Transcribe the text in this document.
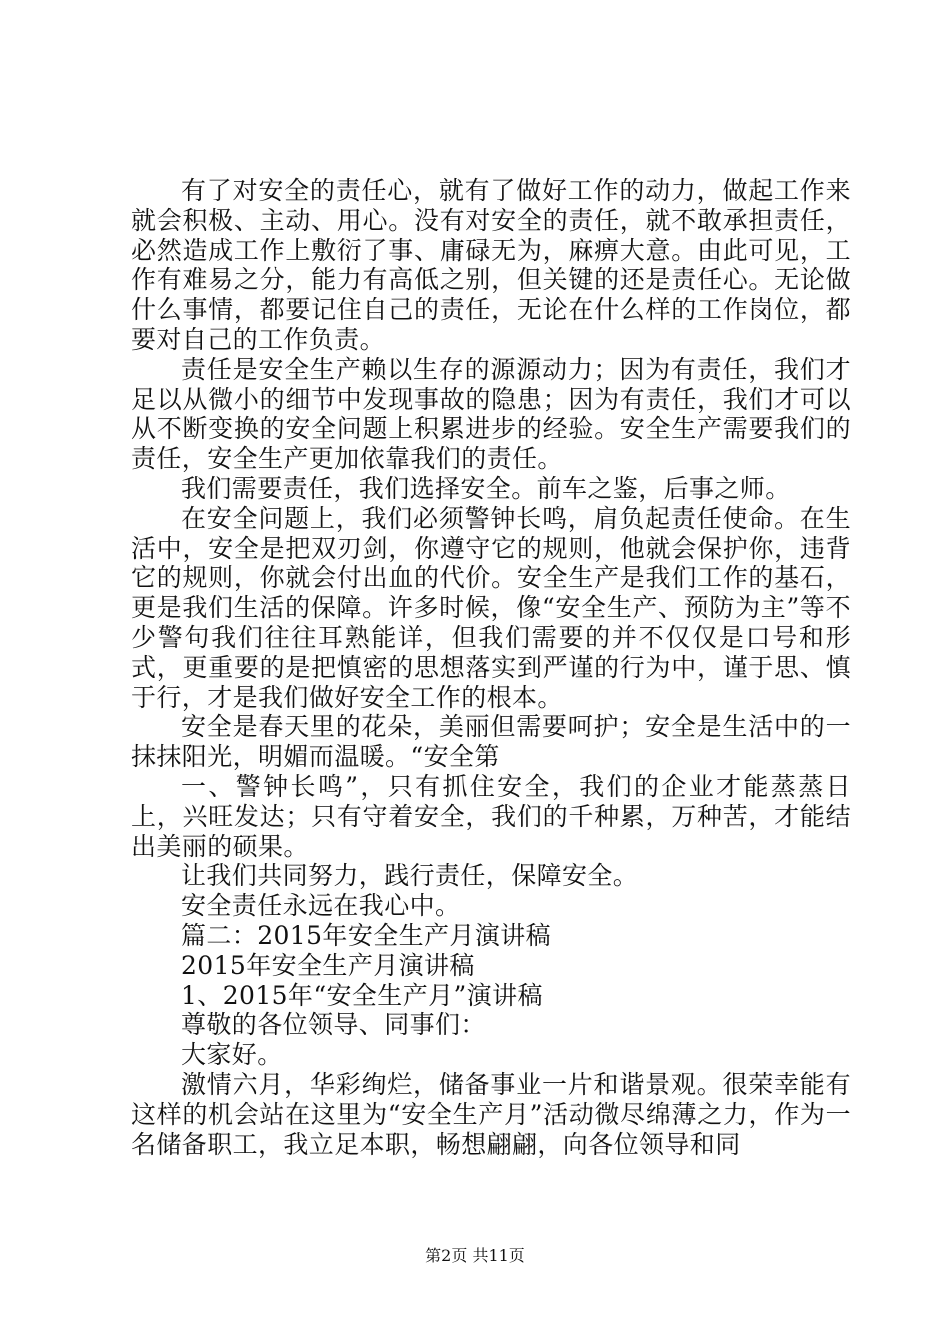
有了对安全的责任心，就有了做好工作的动力，做起工作来就会积极、主动、用心。没有对安全的责任，就不敢承担责任，必然造成工作上敷衍了事、庸碌无为，麻痹大意。由此可见，工作有难易之分，能力有高低之别，但关键的还是责任心。无论做什么事情，都要记住自己的责任，无论在什么样的工作岗位，都要对自己的工作负责。

责任是安全生产赖以生存的源源动力；因为有责任，我们才足以从微小的细节中发现事故的隐患；因为有责任，我们才可以从不断变换的安全问题上积累进步的经验。安全生产需要我们的责任，安全生产更加依靠我们的责任。

我们需要责任，我们选择安全。前车之鉴，后事之师。

在安全问题上，我们必须警钟长鸣，肩负起责任使命。在生活中，安全是把双刃剑，你遵守它的规则，他就会保护你，违背它的规则，你就会付出血的代价。安全生产是我们工作的基石，更是我们生活的保障。许多时候，像“安全生产、预防为主”等不少警句我们往往耳熟能详，但我们需要的并不仅仅是口号和形式，更重要的是把慎密的思想落实到严谨的行为中，谨于思、慎于行，才是我们做好安全工作的根本。

安全是春天里的花朵，美丽但需要呵护；安全是生活中的一抹抹阳光，明媚而温暖。“安全第

一、警钟长鸣”，只有抓住安全，我们的企业才能蒸蒸日上，兴旺发达；只有守着安全，我们的千种累，万种苦，才能结出美丽的硕果。

让我们共同努力，践行责任，保障安全。

安全责任永远在我心中。

篇二：2015年安全生产月演讲稿

2015年安全生产月演讲稿

1、2015年“安全生产月”演讲稿

尊敬的各位领导、同事们：

大家好。

激情六月，华彩绚烂，储备事业一片和谐景观。很荣幸能有这样的机会站在这里为“安全生产月”活动微尽绵薄之力，作为一名储备职工，我立足本职，畅想翩翩，向各位领导和同

第2页 共11页
